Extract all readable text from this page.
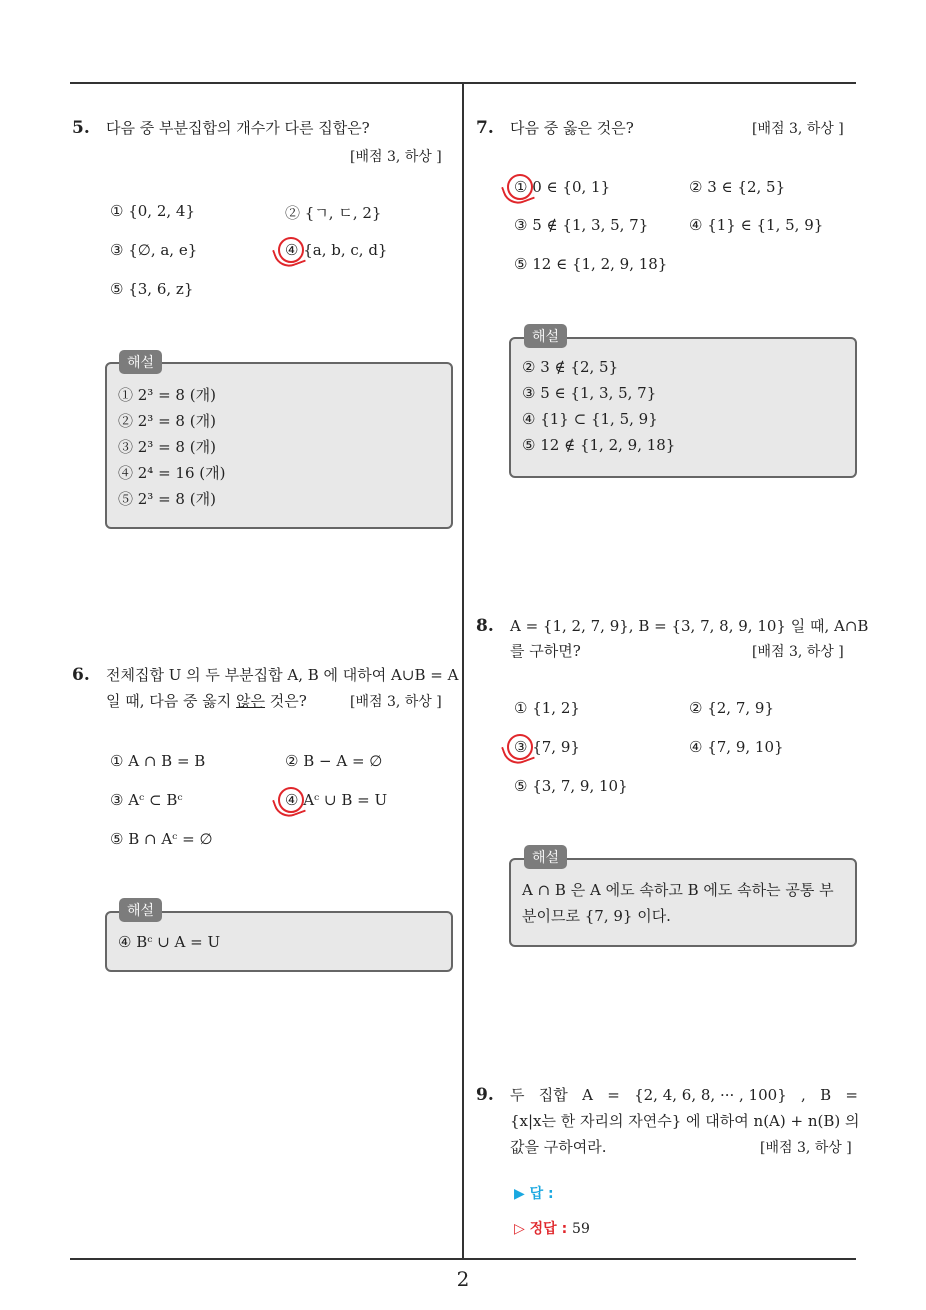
2
5. 다음 중 부분집합의 개수가 다른 집합은?
[배점 3, 하상 ]
① {0, 2, 4}	② {ㄱ, ㄷ, 2}
③ {∅, a, e}	④ {a, b, c, d}
⑤ {3, 6, z}
해설
① 2³ = 8 (개)
② 2³ = 8 (개)
③ 2³ = 8 (개)
④ 2⁴ = 16 (개)
⑤ 2³ = 8 (개)
6. 전체집합 U 의 두 부분집합 A, B 에 대하여 A∪B = A
일 때, 다음 중 옳지 않은 것은?	[배점 3, 하상 ]
① A ∩ B = B	② B − A = ∅
③ Aᶜ ⊂ Bᶜ	④ Aᶜ ∪ B = U
⑤ B ∩ Aᶜ = ∅
해설
④ Bᶜ ∪ A = U
7. 다음 중 옳은 것은?	[배점 3, 하상 ]
① 0 ∈ {0, 1}	② 3 ∈ {2, 5}
③ 5 ∉ {1, 3, 5, 7}	④ {1} ∈ {1, 5, 9}
⑤ 12 ∈ {1, 2, 9, 18}
해설
② 3 ∉ {2, 5}
③ 5 ∈ {1, 3, 5, 7}
④ {1} ⊂ {1, 5, 9}
⑤ 12 ∉ {1, 2, 9, 18}
8. A = {1, 2, 7, 9}, B = {3, 7, 8, 9, 10} 일 때, A∩B
를 구하면?	[배점 3, 하상 ]
① {1, 2}	② {2, 7, 9}
③ {7, 9}	④ {7, 9, 10}
⑤ {3, 7, 9, 10}
해설
A ∩ B 은 A 에도 속하고 B 에도 속하는 공통 부
분이므로 {7, 9} 이다.
9. 두   집합   A   =   {2, 4, 6, 8, ··· , 100}   ,   B   =
{x|x는 한 자리의 자연수} 에 대하여 n(A) + n(B) 의
값을 구하여라.	[배점 3, 하상 ]
▶ 답 :
▷ 정답 : 59
